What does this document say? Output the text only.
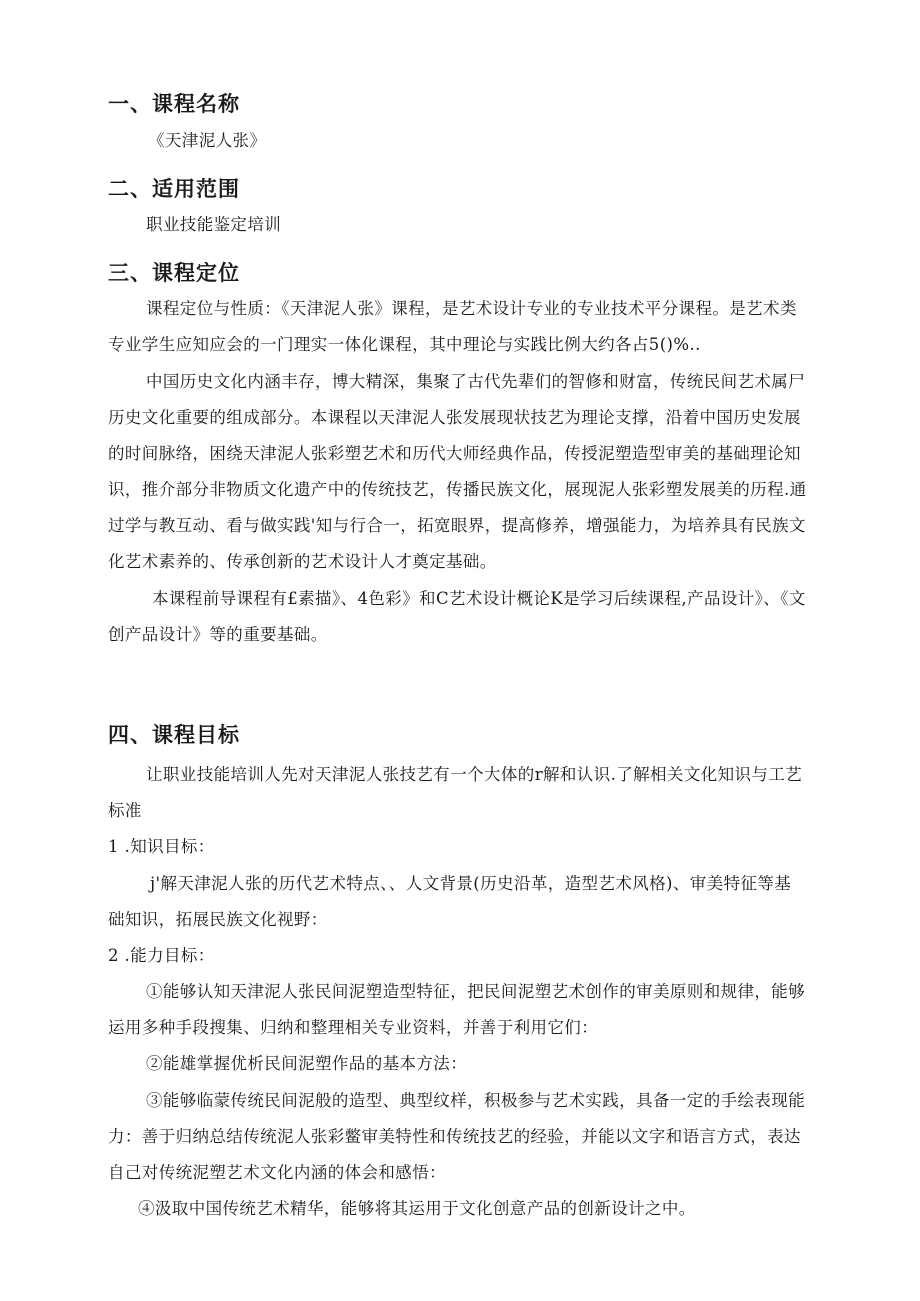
一、课程名称
《天津泥人张》
二、适用范围
职业技能鉴定培训
三、课程定位
课程定位与性质：《天津泥人张》课程，是艺术设计专业的专业技术平分课程。是艺术类
专业学生应知应会的一门理实一体化课程，其中理论与实践比例大约各占5()%..
中国历史文化内涵丰存，博大精深，集聚了古代先辈们的智修和财富，传统民间艺术属尸
历史文化重要的组成部分。本课程以天津泥人张发展现状技艺为理论支撑，沿着中国历史发展
的时间脉络，困绕天津泥人张彩塑艺术和历代大师经典作品，传授泥塑造型审美的基础理论知
识，推介部分非物质文化遗产中的传统技艺，传播民族文化，展现泥人张彩塑发展美的历程.通
过学与教互动、看与做实践'知与行合一，拓宽眼界，提高修养，增强能力，为培养具有民族文
化艺术素养的、传承创新的艺术设计人才奠定基础。
本课程前导课程有£素描》、4色彩》和C艺术设计概论K是学习后续课程,产品设计》、《文
创产品设计》等的重要基础。
四、课程目标
让职业技能培训人先对天津泥人张技艺有一个大体的r解和认识.了解相关文化知识与工艺
标准
1 .知识目标：
j'解天津泥人张的历代艺术特点、、人文背景(历史沿革，造型艺术风格)、审美特征等基
础知识，拓展民族文化视野：
2 .能力目标：
①能够认知天津泥人张民间泥塑造型特征，把民间泥塑艺术创作的审美原则和规律，能够
运用多种手段搜集、归纳和整理相关专业资料，并善于利用它们：
②能雄掌握优析民间泥塑作品的基本方法：
③能够临蒙传统民间泥般的造型、典型纹样，积极参与艺术实践，具备一定的手绘表现能
力：善于归纳总结传统泥人张彩鳖审美特性和传统技艺的经验，并能以文字和语言方式，表达
自己对传统泥塑艺术文化内涵的体会和感悟：
④汲取中国传统艺术精华，能够将其运用于文化创意产品的创新设计之中。
